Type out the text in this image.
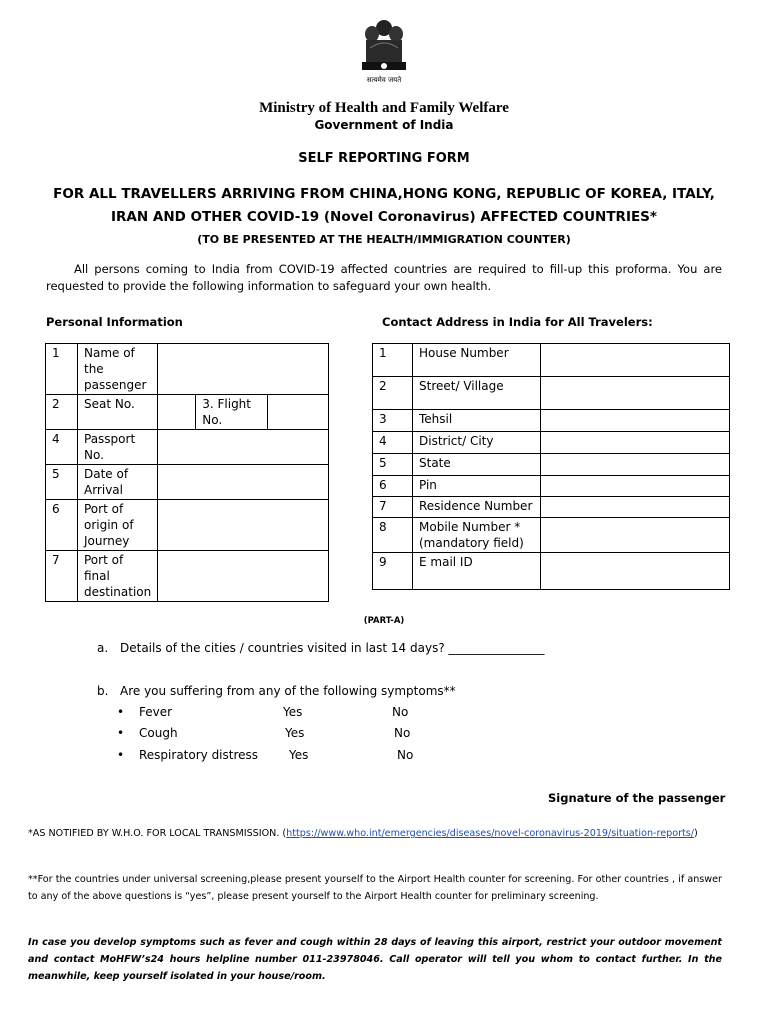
सत्यमेव जयते
Ministry of Health and Family Welfare
Government of India
SELF REPORTING FORM
FOR ALL TRAVELLERS ARRIVING FROM CHINA,HONG KONG, REPUBLIC OF KOREA, ITALY,
IRAN AND OTHER COVID-19 (Novel Coronavirus) AFFECTED COUNTRIES*
(TO BE PRESENTED AT THE HEALTH/IMMIGRATION COUNTER)
All persons coming to India from COVID-19 affected countries are required to fill-up this proforma. You are requested to provide the following information to safeguard your own health.
Personal Information	Contact Address in India for All Travelers:
1	Name of the passenger			
2	Seat No.		3. Flight No.	
4	Passport No.			
5	Date of Arrival			
6	Port of origin of Journey			
7	Port of final destination			
1	House Number	
2	Street/ Village	
3	Tehsil	
4	District/ City	
5	State	
6	Pin	
7	Residence Number	
8	Mobile Number * (mandatory field)	
9	E mail ID	
(PART-A)
a. Details of the cities / countries visited in last 14 days? ________________
b. Are you suffering from any of the following symptoms**
• Fever	Yes	No
• Cough	Yes	No
• Respiratory distress	Yes	No
Signature of the passenger
*AS NOTIFIED BY W.H.O. FOR LOCAL TRANSMISSION. (https://www.who.int/emergencies/diseases/novel-coronavirus-2019/situation-reports/)
**For the countries under universal screening,please present yourself to the Airport Health counter for screening. For other countries , if answer to any of the above questions is “yes”, please present yourself to the Airport Health counter for preliminary screening.
In case you develop symptoms such as fever and cough within 28 days of leaving this airport, restrict your outdoor movement and contact MoHFW’s24 hours helpline number 011-23978046. Call operator will tell you whom to contact further. In the meanwhile, keep yourself isolated in your house/room.
